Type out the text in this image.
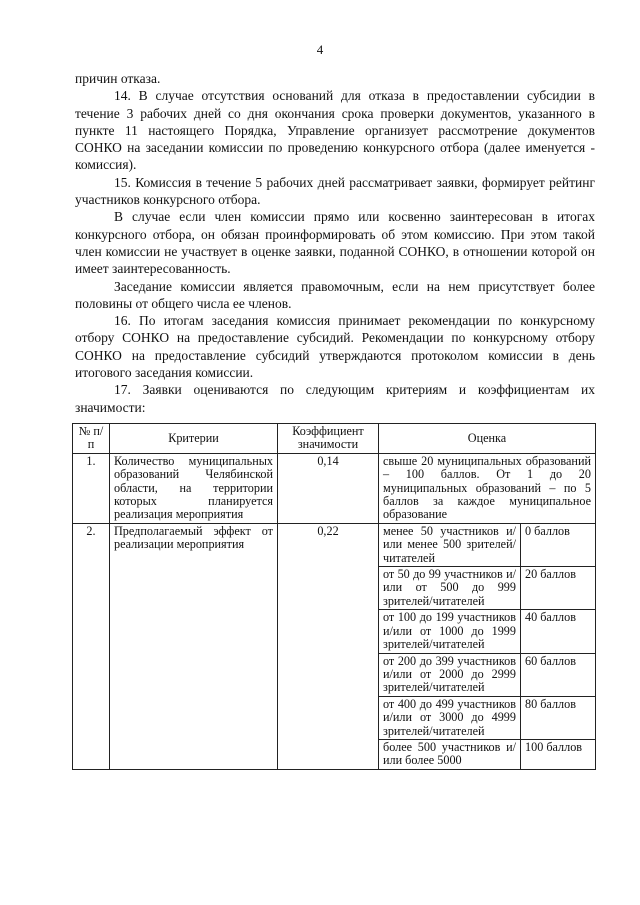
4

причин отказа.

14. В случае отсутствия оснований для отказа в предоставлении субсидии в течение 3 рабочих дней со дня окончания срока проверки документов, указанного в пункте 11 настоящего Порядка, Управление организует рассмотрение документов СОНКО на заседании комиссии по проведению конкурсного отбора (далее именуется - комиссия).

15. Комиссия в течение 5 рабочих дней рассматривает заявки, формирует рейтинг участников конкурсного отбора.

В случае если член комиссии прямо или косвенно заинтересован в итогах конкурсного отбора, он обязан проинформировать об этом комиссию. При этом такой член комиссии не участвует в оценке заявки, поданной СОНКО, в отношении которой он имеет заинтересованность.

Заседание комиссии является правомочным, если на нем присутствует более половины от общего числа ее членов.

16. По итогам заседания комиссия принимает рекомендации по конкурсному отбору СОНКО на предоставление субсидий. Рекомендации по конкурсному отбору СОНКО на предоставление субсидий утверждаются протоколом комиссии в день итогового заседания комиссии.

17. Заявки оцениваются по следующим критериям и коэффициентам их значимости:

№ п/п	Критерии	Коэффициент значимости	Оценка	
1.	Количество муниципальных образований Челябинской области, на территории которых планируется реализация мероприятия	0,14	свыше 20 муниципальных образований – 100 баллов. От 1 до 20 муниципальных образований – по 5 баллов за каждое муниципальное образование	
2.	Предполагаемый эффект от реализации мероприятия	0,22	менее 50 участников и/или менее 500 зрителей/читателей	0 баллов
			от 50 до 99 участников и/или от 500 до 999 зрителей/читателей	20 баллов
			от 100 до 199 участников и/или от 1000 до 1999 зрителей/читателей	40 баллов
			от 200 до 399 участников и/или от 2000 до 2999 зрителей/читателей	60 баллов
			от 400 до 499 участников и/или от 3000 до 4999 зрителей/читателей	80 баллов
			более 500 участников и/или более 5000	100 баллов
